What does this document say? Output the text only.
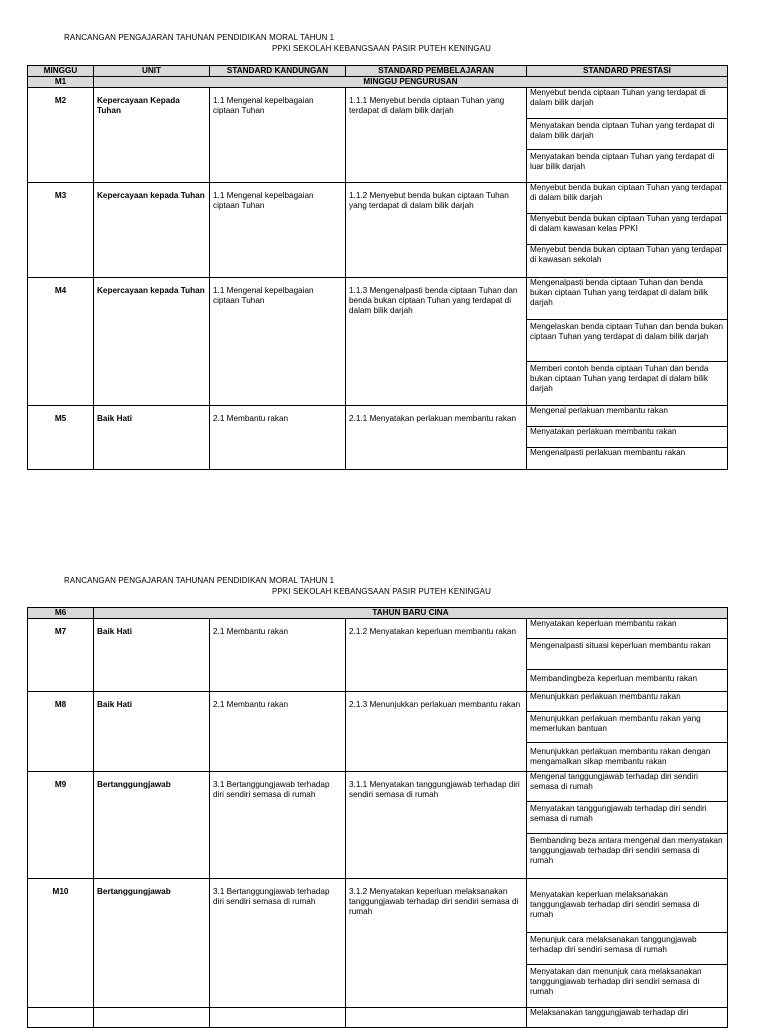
RANCANGAN PENGAJARAN TAHUNAN PENDIDIKAN MORAL TAHUN 1
PPKI SEKOLAH KEBANGSAAN PASIR PUTEH KENINGAU
MINGGU	UNIT	STANDARD KANDUNGAN	STANDARD PEMBELAJARAN	STANDARD PRESTASI
M1	MINGGU PENGURUSAN			
M2	Kepercayaan Kepada Tuhan	1.1 Mengenal kepelbagaian ciptaan Tuhan	1.1.1 Menyebut benda ciptaan Tuhan yang terdapat di dalam bilik darjah	Menyebut benda ciptaan Tuhan yang terdapat di dalam bilik darjah
Menyatakan benda ciptaan Tuhan yang terdapat di dalam bilik darjah
Menyatakan benda ciptaan Tuhan yang terdapat di luar bilik darjah

M3	Kepercayaan kepada Tuhan	1.1 Mengenal kepelbagaian ciptaan Tuhan	1.1.2 Menyebut benda bukan ciptaan Tuhan yang terdapat di dalam bilik darjah	Menyebut benda bukan ciptaan Tuhan yang terdapat di dalam bilik darjah
Menyebut benda bukan ciptaan Tuhan yang terdapat di dalam kawasan kelas PPKI
Menyebut benda bukan ciptaan Tuhan yang terdapat di kawasan sekolah

M4	Kepercayaan kepada Tuhan	1.1 Mengenal kepelbagaian ciptaan Tuhan	1.1.3 Mengenalpasti benda ciptaan Tuhan dan benda bukan ciptaan Tuhan yang terdapat di dalam bilik darjah	Mengenalpasti benda ciptaan Tuhan dan benda bukan ciptaan Tuhan yang terdapat di dalam bilik darjah
Mengelaskan benda ciptaan Tuhan dan benda bukan ciptaan Tuhan yang terdapat di dalam bilik darjah
Memberi contoh benda ciptaan Tuhan dan benda bukan ciptaan Tuhan yang terdapat di dalam bilik darjah

M5	Baik Hati	2.1 Membantu rakan	2.1.1 Menyatakan perlakuan membantu rakan	Mengenal perlakuan membantu rakan
Menyatakan perlakuan membantu rakan
Mengenalpasti perlakuan membantu rakan
RANCANGAN PENGAJARAN TAHUNAN PENDIDIKAN MORAL TAHUN 1
PPKI SEKOLAH KEBANGSAAN PASIR PUTEH KENINGAU
M6	TAHUN BARU CINA			
M7	Baik Hati	2.1 Membantu rakan	2.1.2 Menyatakan keperluan membantu rakan	Menyatakan keperluan membantu rakan
Mengenalpasti situasi keperluan membantu rakan
Membandingbeza keperluan membantu rakan

M8	Baik Hati	2.1 Membantu rakan	2.1.3 Menunjukkan perlakuan membantu rakan	Menunjukkan perlakuan membantu rakan
Menunjukkan perlakuan membantu rakan yang memerlukan bantuan
Menunjukkan perlakuan membantu rakan dengan mengamalkan sikap membantu rakan

M9	Bertanggungjawab	3.1 Bertanggungjawab terhadap diri sendiri semasa di rumah	3.1.1 Menyatakan tanggungjawab terhadap diri sendiri semasa di rumah	Mengenal tanggungjawab terhadap diri sendiri semasa di rumah
Menyatakan tanggungjawab terhadap diri sendiri semasa di rumah
Bembanding beza antara mengenal dan menyatakan tanggungjawab terhadap diri sendiri semasa di rumah

M10	Bertanggungjawab	3.1 Bertanggungjawab terhadap diri sendiri semasa di rumah	3.1.2 Menyatakan keperluan melaksanakan tanggungjawab terhadap diri sendiri semasa di rumah	Menyatakan keperluan melaksanakan tanggungjawab terhadap diri sendiri semasa di rumah
Menunjuk cara melaksanakan tanggungjawab terhadap diri sendiri semasa di rumah
Menyatakan dan menunjuk cara melaksanakan tanggungjawab terhadap diri sendiri semasa di rumah

				Melaksanakan tanggungjawab terhadap diri
